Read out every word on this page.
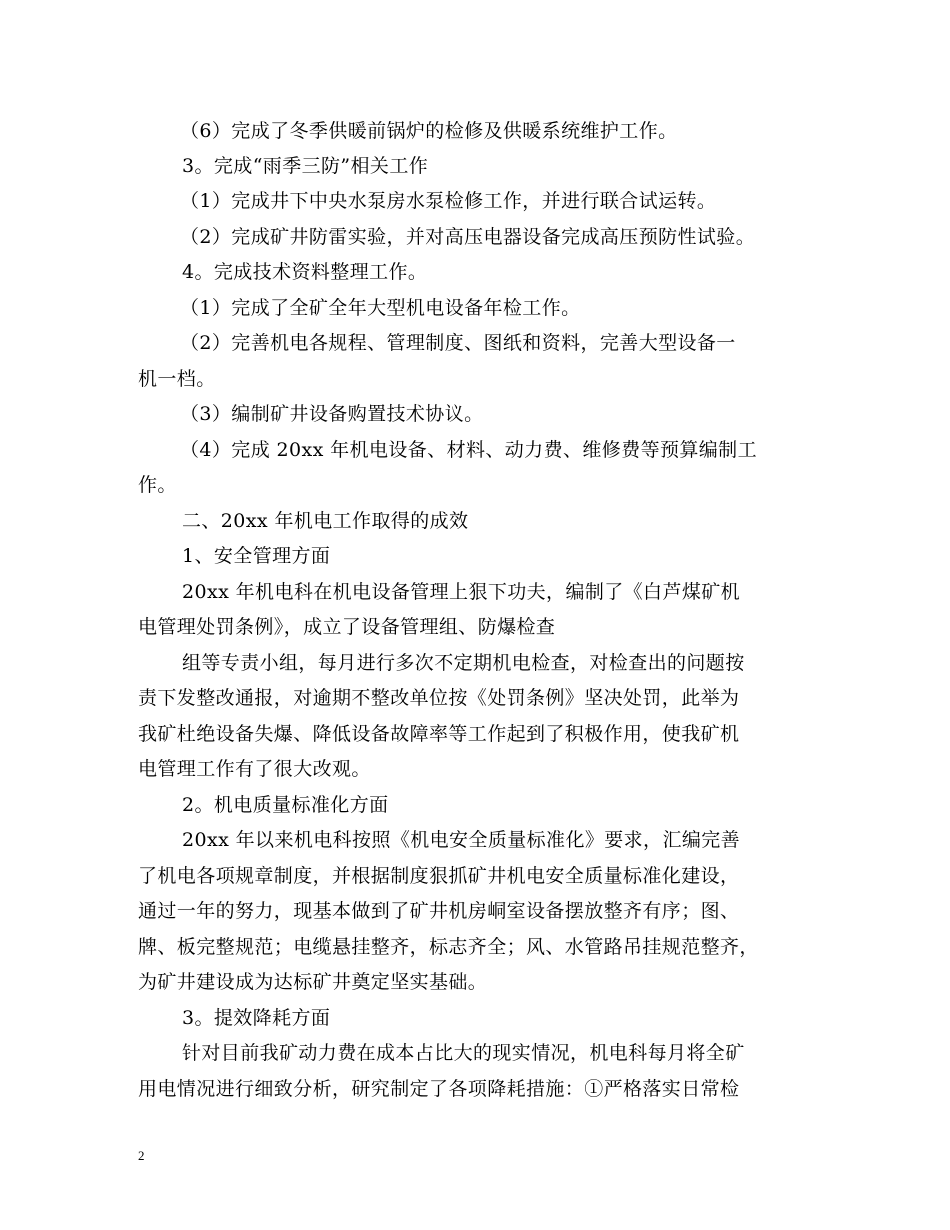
（6）完成了冬季供暖前锅炉的检修及供暖系统维护工作。
3。完成“雨季三防”相关工作
（1）完成井下中央水泵房水泵检修工作，并进行联合试运转。
（2）完成矿井防雷实验，并对高压电器设备完成高压预防性试验。
4。完成技术资料整理工作。
（1）完成了全矿全年大型机电设备年检工作。
（2）完善机电各规程、管理制度、图纸和资料，完善大型设备一
机一档。
（3）编制矿井设备购置技术协议。
（4）完成 20xx 年机电设备、材料、动力费、维修费等预算编制工
作。
二、20xx 年机电工作取得的成效
1、安全管理方面
20xx 年机电科在机电设备管理上狠下功夫，编制了《白芦煤矿机
电管理处罚条例》，成立了设备管理组、防爆检查
组等专责小组，每月进行多次不定期机电检查，对检查出的问题按
责下发整改通报，对逾期不整改单位按《处罚条例》坚决处罚，此举为
我矿杜绝设备失爆、降低设备故障率等工作起到了积极作用，使我矿机
电管理工作有了很大改观。
2。机电质量标准化方面
20xx 年以来机电科按照《机电安全质量标准化》要求，汇编完善
了机电各项规章制度，并根据制度狠抓矿井机电安全质量标准化建设，
通过一年的努力，现基本做到了矿井机房峒室设备摆放整齐有序；图、
牌、板完整规范；电缆悬挂整齐，标志齐全；风、水管路吊挂规范整齐，
为矿井建设成为达标矿井奠定坚实基础。
3。提效降耗方面
针对目前我矿动力费在成本占比大的现实情况，机电科每月将全矿
用电情况进行细致分析，研究制定了各项降耗措施：①严格落实日常检
2
